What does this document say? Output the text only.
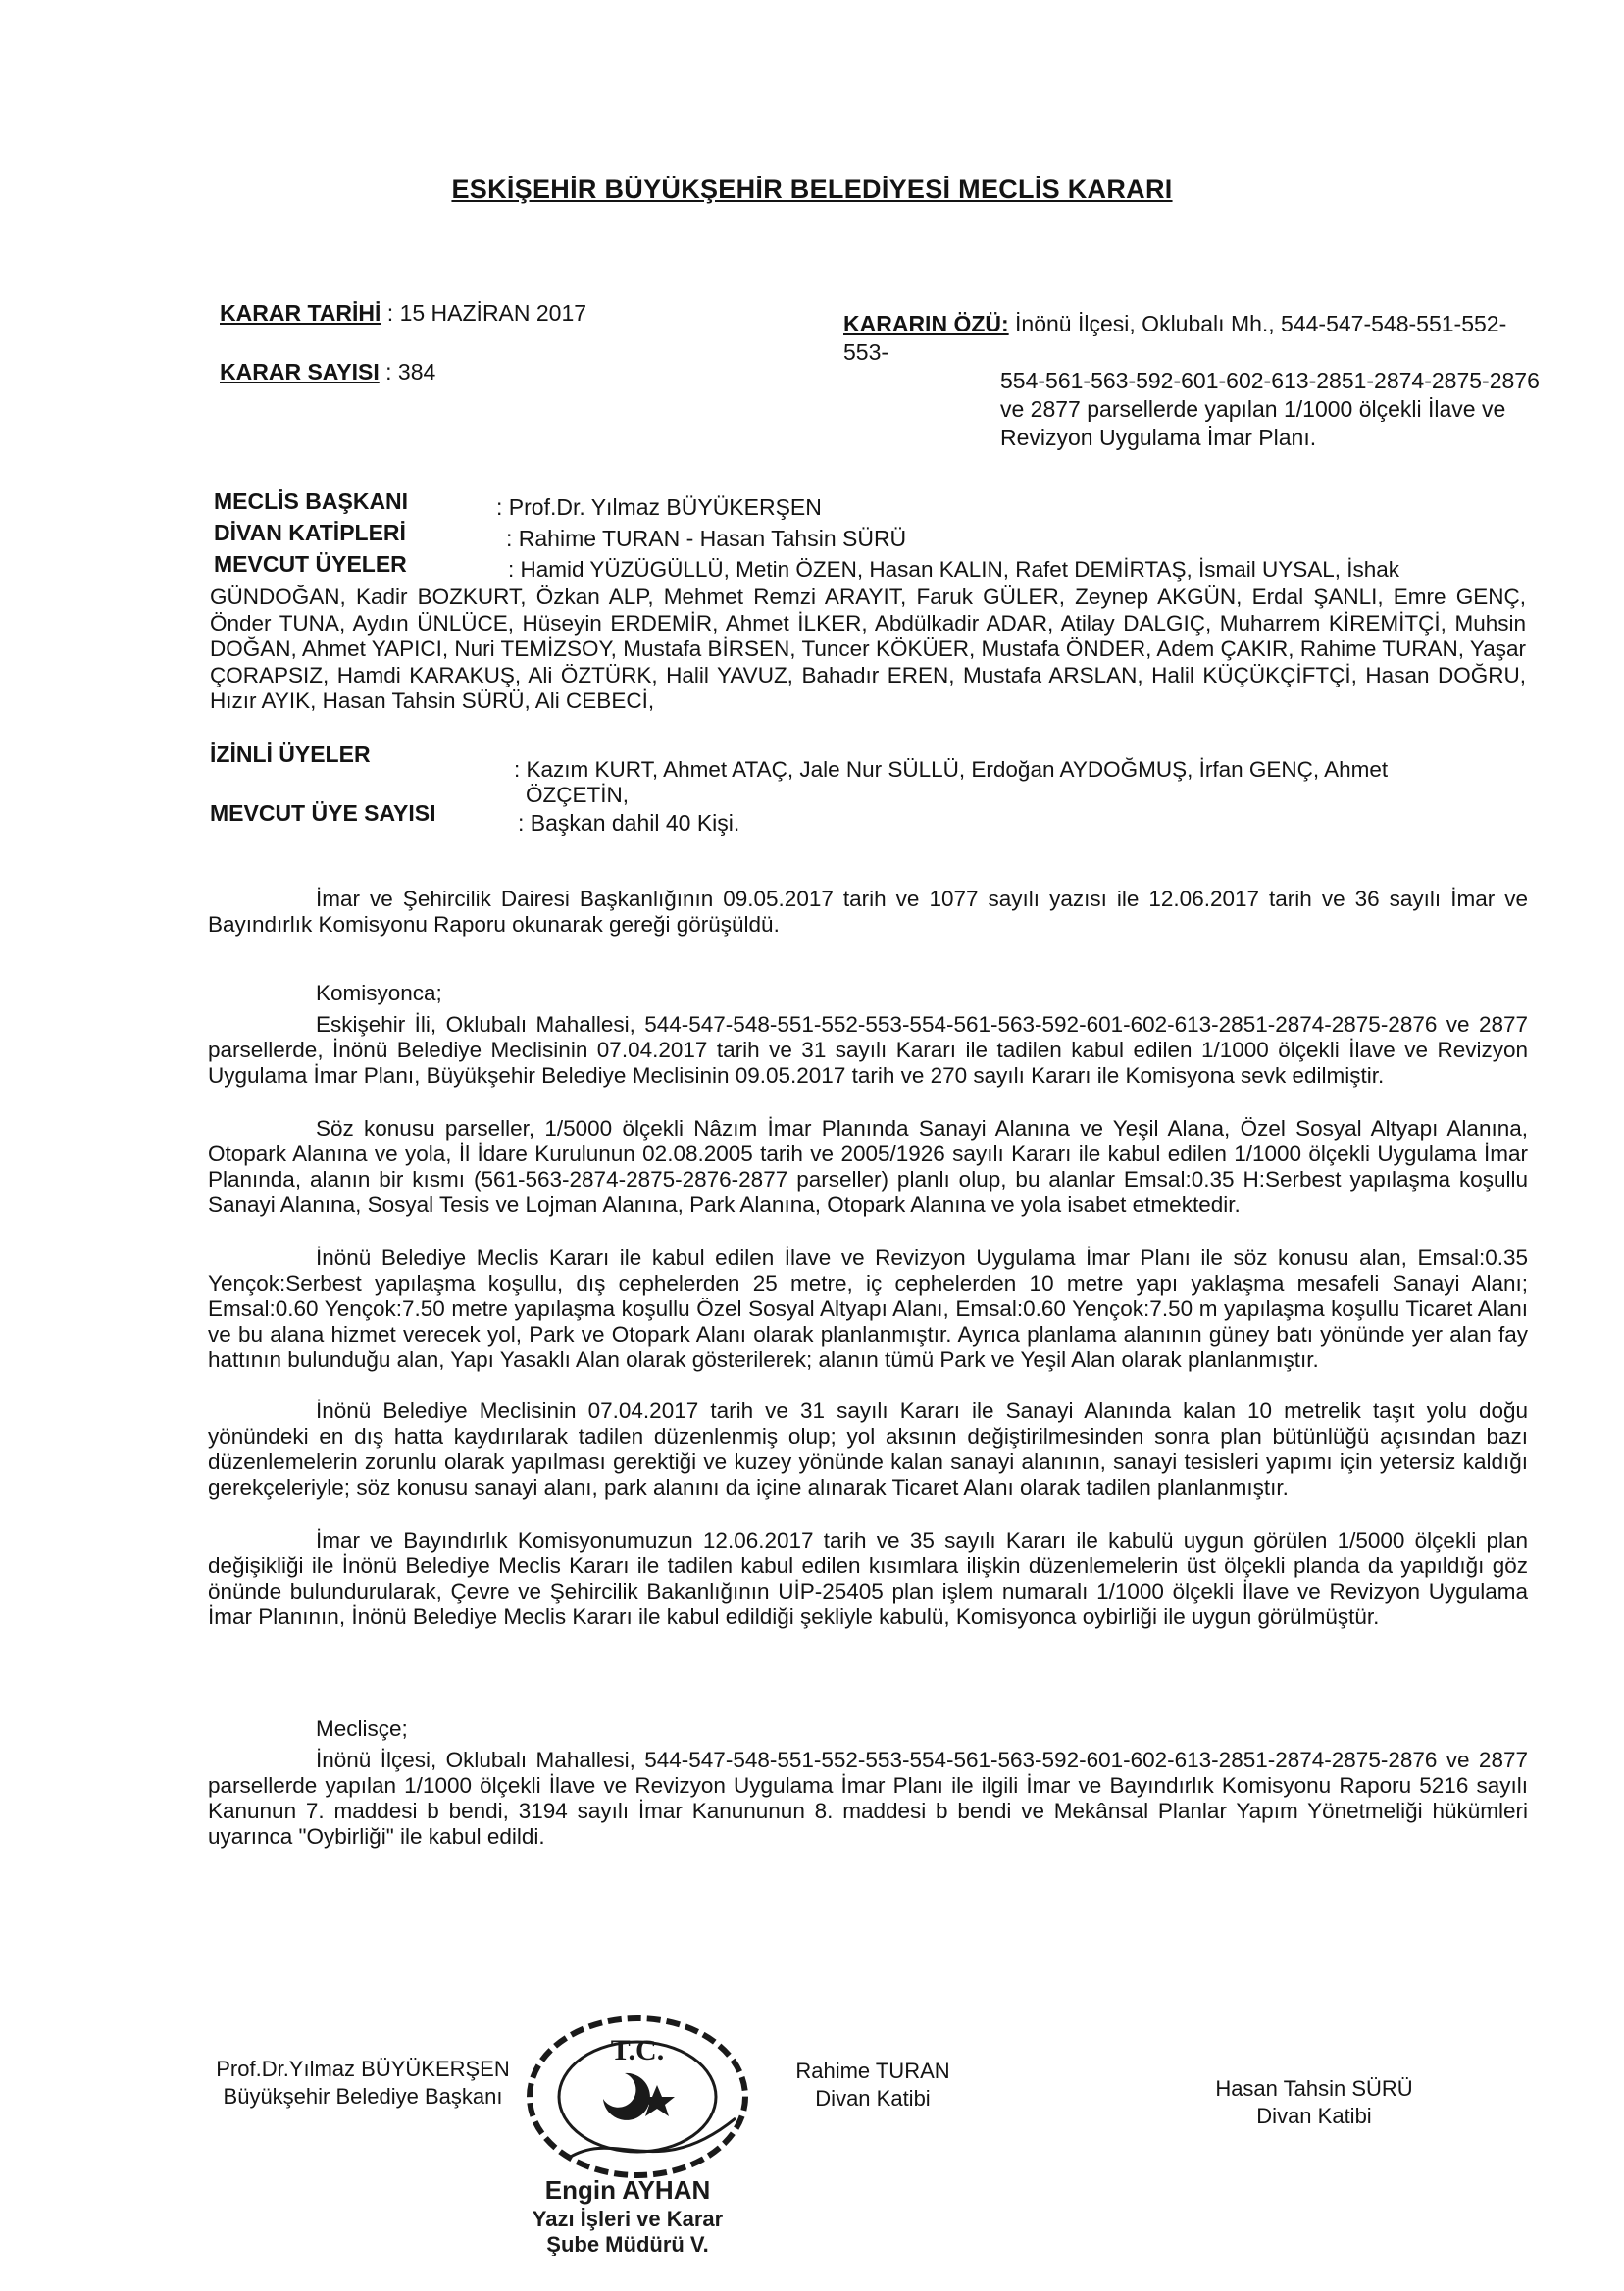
ESKİŞEHİR BÜYÜKŞEHİR BELEDİYESİ MECLİS KARARI
KARAR TARİHİ : 15 HAZİRAN 2017
KARAR SAYISI : 384
KARARIN ÖZÜ: İnönü İlçesi, Oklubalı Mh., 544-547-548-551-552-553-
554-561-563-592-601-602-613-2851-2874-2875-2876
ve 2877 parsellerde yapılan 1/1000 ölçekli İlave ve
Revizyon Uygulama İmar Planı.
MECLİS BAŞKANI	: Prof.Dr. Yılmaz BÜYÜKERŞEN
DİVAN KATİPLERİ	: Rahime TURAN - Hasan Tahsin SÜRÜ
MEVCUT ÜYELER	: Hamid YÜZÜGÜLLÜ, Metin ÖZEN, Hasan KALIN, Rafet DEMİRTAŞ, İsmail UYSAL, İshak
GÜNDOĞAN, Kadir BOZKURT, Özkan ALP, Mehmet Remzi ARAYIT, Faruk GÜLER, Zeynep AKGÜN, Erdal ŞANLI, Emre GENÇ, Önder TUNA, Aydın ÜNLÜCE, Hüseyin ERDEMİR, Ahmet İLKER, Abdülkadir ADAR, Atilay DALGIÇ, Muharrem KİREMİTÇİ, Muhsin DOĞAN, Ahmet YAPICI, Nuri TEMİZSOY, Mustafa BİRSEN, Tuncer KÖKÜER, Mustafa ÖNDER, Adem ÇAKIR, Rahime TURAN, Yaşar ÇORAPSIZ, Hamdi KARAKUŞ, Ali ÖZTÜRK, Halil YAVUZ, Bahadır EREN, Mustafa ARSLAN, Halil KÜÇÜKÇİFTÇİ, Hasan DOĞRU, Hızır AYIK, Hasan Tahsin SÜRÜ, Ali CEBECİ,
İZİNLİ ÜYELER
: Kazım KURT, Ahmet ATAÇ, Jale Nur SÜLLÜ, Erdoğan AYDOĞMUŞ, İrfan GENÇ, Ahmet
ÖZÇETİN,
MEVCUT ÜYE SAYISI	: Başkan dahil 40 Kişi.
İmar ve Şehircilik Dairesi Başkanlığının 09.05.2017 tarih ve 1077 sayılı yazısı ile 12.06.2017 tarih ve 36 sayılı İmar ve Bayındırlık Komisyonu Raporu okunarak gereği görüşüldü.
Komisyonca;
Eskişehir İli, Oklubalı Mahallesi, 544-547-548-551-552-553-554-561-563-592-601-602-613-2851-2874-2875-2876 ve 2877 parsellerde, İnönü Belediye Meclisinin 07.04.2017 tarih ve 31 sayılı Kararı ile tadilen kabul edilen 1/1000 ölçekli İlave ve Revizyon Uygulama İmar Planı, Büyükşehir Belediye Meclisinin 09.05.2017 tarih ve 270 sayılı Kararı ile Komisyona sevk edilmiştir.
Söz konusu parseller, 1/5000 ölçekli Nâzım İmar Planında Sanayi Alanına ve Yeşil Alana, Özel Sosyal Altyapı Alanına, Otopark Alanına ve yola, İl İdare Kurulunun 02.08.2005 tarih ve 2005/1926 sayılı Kararı ile kabul edilen 1/1000 ölçekli Uygulama İmar Planında, alanın bir kısmı (561-563-2874-2875-2876-2877 parseller) planlı olup, bu alanlar Emsal:0.35 H:Serbest yapılaşma koşullu Sanayi Alanına, Sosyal Tesis ve Lojman Alanına, Park Alanına, Otopark Alanına ve yola isabet etmektedir.
İnönü Belediye Meclis Kararı ile kabul edilen İlave ve Revizyon Uygulama İmar Planı ile söz konusu alan, Emsal:0.35 Yençok:Serbest yapılaşma koşullu, dış cephelerden 25 metre, iç cephelerden 10 metre yapı yaklaşma mesafeli Sanayi Alanı; Emsal:0.60 Yençok:7.50 metre yapılaşma koşullu Özel Sosyal Altyapı Alanı, Emsal:0.60 Yençok:7.50 m yapılaşma koşullu Ticaret Alanı ve bu alana hizmet verecek yol, Park ve Otopark Alanı olarak planlanmıştır. Ayrıca planlama alanının güney batı yönünde yer alan fay hattının bulunduğu alan, Yapı Yasaklı Alan olarak gösterilerek; alanın tümü Park ve Yeşil Alan olarak planlanmıştır.
İnönü Belediye Meclisinin 07.04.2017 tarih ve 31 sayılı Kararı ile Sanayi Alanında kalan 10 metrelik taşıt yolu doğu yönündeki en dış hatta kaydırılarak tadilen düzenlenmiş olup; yol aksının değiştirilmesinden sonra plan bütünlüğü açısından bazı düzenlemelerin zorunlu olarak yapılması gerektiği ve kuzey yönünde kalan sanayi alanının, sanayi tesisleri yapımı için yetersiz kaldığı gerekçeleriyle; söz konusu sanayi alanı, park alanını da içine alınarak Ticaret Alanı olarak tadilen planlanmıştır.
İmar ve Bayındırlık Komisyonumuzun 12.06.2017 tarih ve 35 sayılı Kararı ile kabulü uygun görülen 1/5000 ölçekli plan değişikliği ile İnönü Belediye Meclis Kararı ile tadilen kabul edilen kısımlara ilişkin düzenlemelerin üst ölçekli planda da yapıldığı göz önünde bulundurularak, Çevre ve Şehircilik Bakanlığının UİP-25405 plan işlem numaralı 1/1000 ölçekli İlave ve Revizyon Uygulama İmar Planının, İnönü Belediye Meclis Kararı ile kabul edildiği şekliyle kabulü, Komisyonca oybirliği ile uygun görülmüştür.
Meclisçe;
İnönü İlçesi, Oklubalı Mahallesi, 544-547-548-551-552-553-554-561-563-592-601-602-613-2851-2874-2875-2876 ve 2877 parsellerde yapılan 1/1000 ölçekli İlave ve Revizyon Uygulama İmar Planı ile ilgili İmar ve Bayındırlık Komisyonu Raporu 5216 sayılı Kanunun 7. maddesi b bendi, 3194 sayılı İmar Kanununun 8. maddesi b bendi ve Mekânsal Planlar Yapım Yönetmeliği hükümleri uyarınca "Oybirliği" ile kabul edildi.
Prof.Dr.Yılmaz BÜYÜKERŞEN
Büyükşehir Belediye Başkanı
Rahime TURAN
Divan Katibi	Hasan Tahsin SÜRÜ
Divan Katibi
T.C.
Engin AYHAN
Yazı İşleri ve Karar
Şube Müdürü V.
